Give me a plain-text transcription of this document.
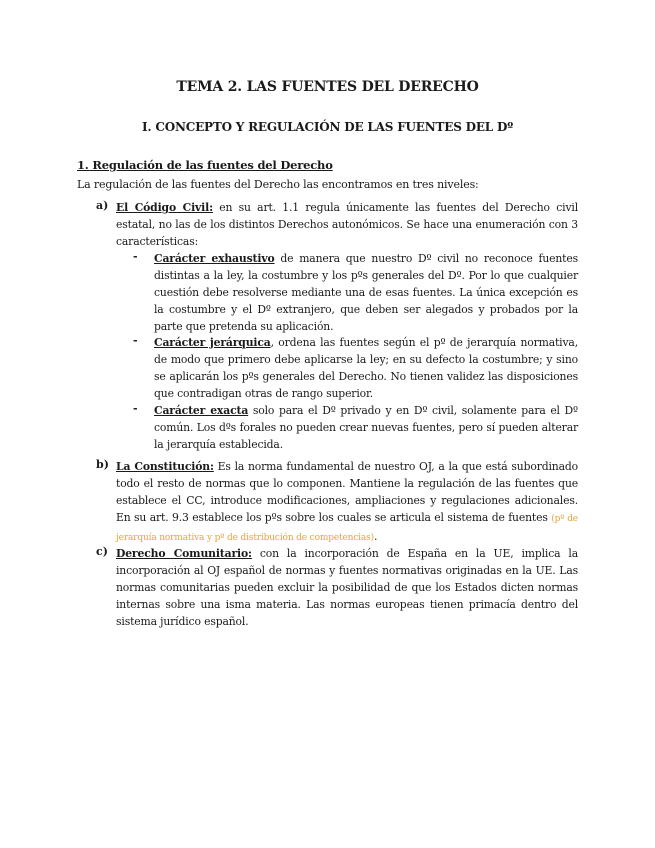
TEMA 2. LAS FUENTES DEL DERECHO
I. CONCEPTO Y REGULACIÓN DE LAS FUENTES DEL Dº
1. Regulación de las fuentes del Derecho
La regulación de las fuentes del Derecho las encontramos en tres niveles:
a) El Código Civil: en su art. 1.1 regula únicamente las fuentes del Derecho civil estatal, no las de los distintos Derechos autonómicos. Se hace una enumeración con 3 características:
- Carácter exhaustivo de manera que nuestro Dº civil no reconoce fuentes distintas a la ley, la costumbre y los pºs generales del Dº. Por lo que cualquier cuestión debe resolverse mediante una de esas fuentes. La única excepción es la costumbre y el Dº extranjero, que deben ser alegados y probados por la parte que pretenda su aplicación.
- Carácter jerárquica, ordena las fuentes según el pº de jerarquía normativa, de modo que primero debe aplicarse la ley; en su defecto la costumbre; y sino se aplicarán los pºs generales del Derecho. No tienen validez las disposiciones que contradigan otras de rango superior.
- Carácter exacta solo para el Dº privado y en Dº civil, solamente para el Dº común. Los dºs forales no pueden crear nuevas fuentes, pero sí pueden alterar la jerarquía establecida.
b) La Constitución: Es la norma fundamental de nuestro OJ, a la que está subordinado todo el resto de normas que lo componen. Mantiene la regulación de las fuentes que establece el CC, introduce modificaciones, ampliaciones y regulaciones adicionales. En su art. 9.3 establece los pºs sobre los cuales se articula el sistema de fuentes (pº de jerarquía normativa y pº de distribución de competencias).
c) Derecho Comunitario: con la incorporación de España en la UE, implica la incorporación al OJ español de normas y fuentes normativas originadas en la UE. Las normas comunitarias pueden excluir la posibilidad de que los Estados dicten normas internas sobre una isma materia. Las normas europeas tienen primacía dentro del sistema jurídico español.
